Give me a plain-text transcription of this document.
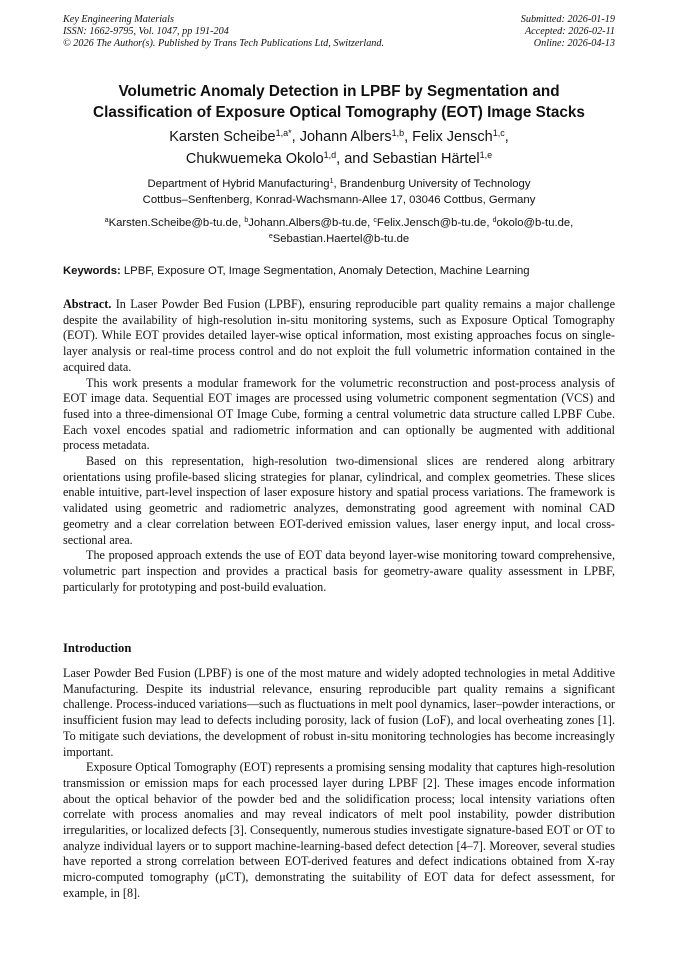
Key Engineering Materials
ISSN: 1662-9795, Vol. 1047, pp 191-204
© 2026 The Author(s). Published by Trans Tech Publications Ltd, Switzerland.
Submitted: 2026-01-19
Accepted: 2026-02-11
Online: 2026-04-13
Volumetric Anomaly Detection in LPBF by Segmentation and
Classification of Exposure Optical Tomography (EOT) Image Stacks
Karsten Scheibe$^{1,a*}$, Johann Albers$^{1,b}$, Felix Jensch$^{1,c}$,
Chukwuemeka Okolo$^{1,d}$, and Sebastian Härtel$^{1,e}$
Department of Hybrid Manufacturing$^1$, Brandenburg University of Technology
Cottbus–Senftenberg, Konrad-Wachsmann-Allee 17, 03046 Cottbus, Germany
$^a$Karsten.Scheibe@b-tu.de, $^b$Johann.Albers@b-tu.de, $^c$Felix.Jensch@b-tu.de, $^d$okolo@b-tu.de,
$^e$Sebastian.Haertel@b-tu.de
Keywords: LPBF, Exposure OT, Image Segmentation, Anomaly Detection, Machine Learning

Abstract. In Laser Powder Bed Fusion (LPBF), ensuring reproducible part quality remains a major challenge despite the availability of high-resolution in-situ monitoring systems, such as Exposure Optical Tomography (EOT). While EOT provides detailed layer-wise optical information, most existing approaches focus on single-layer analysis or real-time process control and do not exploit the full volumetric information contained in the acquired data.

This work presents a modular framework for the volumetric reconstruction and post-process analysis of EOT image data. Sequential EOT images are processed using volumetric component segmentation (VCS) and fused into a three-dimensional OT Image Cube, forming a central volumetric data structure called LPBF Cube. Each voxel encodes spatial and radiometric information and can optionally be augmented with additional process metadata.

Based on this representation, high-resolution two-dimensional slices are rendered along arbitrary orientations using profile-based slicing strategies for planar, cylindrical, and complex geometries. These slices enable intuitive, part-level inspection of laser exposure history and spatial process variations. The framework is validated using geometric and radiometric analyzes, demonstrating good agreement with nominal CAD geometry and a clear correlation between EOT-derived emission values, laser energy input, and local cross-sectional area.

The proposed approach extends the use of EOT data beyond layer-wise monitoring toward comprehensive, volumetric part inspection and provides a practical basis for geometry-aware quality assessment in LPBF, particularly for prototyping and post-build evaluation.

Introduction

Laser Powder Bed Fusion (LPBF) is one of the most mature and widely adopted technologies in metal Additive Manufacturing. Despite its industrial relevance, ensuring reproducible part quality remains a significant challenge. Process-induced variations—such as fluctuations in melt pool dynamics, laser–powder interactions, or insufficient fusion may lead to defects including porosity, lack of fusion (LoF), and local overheating zones [1]. To mitigate such deviations, the development of robust in-situ monitoring technologies has become increasingly important.

Exposure Optical Tomography (EOT) represents a promising sensing modality that captures high-resolution transmission or emission maps for each processed layer during LPBF [2]. These images encode information about the optical behavior of the powder bed and the solidification process; local intensity variations often correlate with process anomalies and may reveal indicators of melt pool instability, powder distribution irregularities, or localized defects [3]. Consequently, numerous studies investigate signature-based EOT or OT to analyze individual layers or to support machine-learning-based defect detection [4–7]. Moreover, several studies have reported a strong correlation between EOT-derived features and defect indications obtained from X-ray micro-computed tomography (μCT), demonstrating the suitability of EOT data for defect assessment, for example, in [8].
